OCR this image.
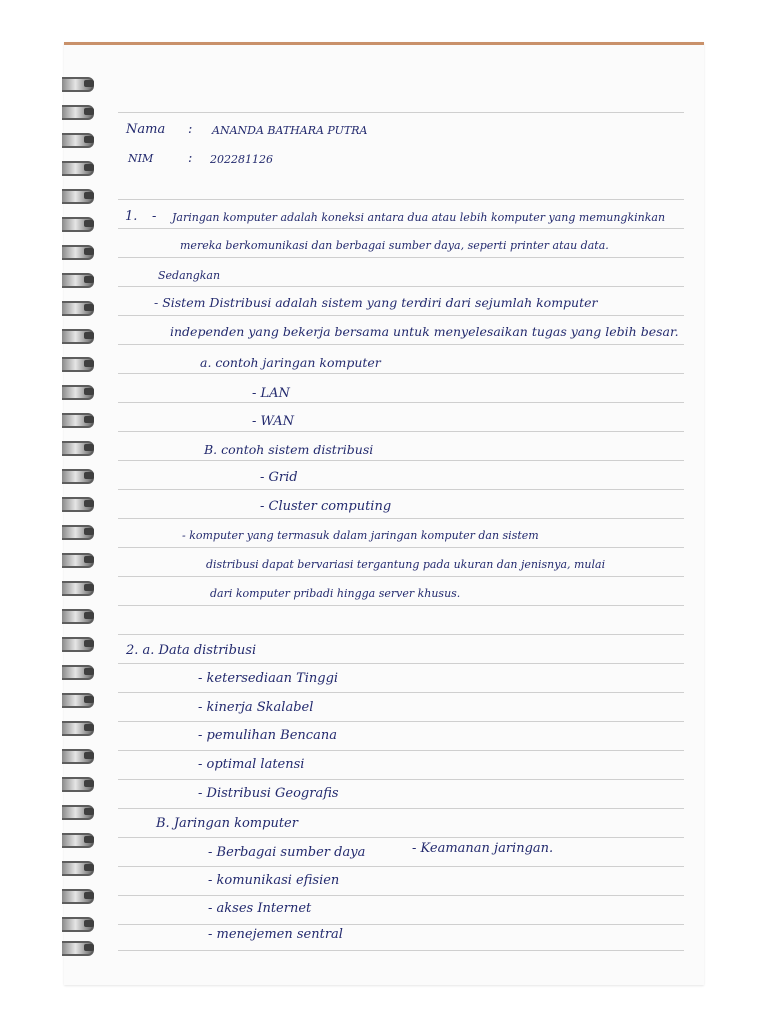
Nama : ANANDA BATHARA PUTRA
NIM	: 202281126
1. - Jaringan komputer adalah koneksi antara dua atau lebih komputer yang memungkinkan
mereka berkomunikasi dan berbagai sumber daya, seperti printer atau data.
Sedangkan
- Sistem Distribusi adalah sistem yang terdiri dari sejumlah komputer
independen yang bekerja bersama untuk menyelesaikan tugas yang lebih besar.
a. contoh jaringan komputer
- LAN
- WAN
B. contoh sistem distribusi
- Grid
- Cluster computing
- komputer yang termasuk dalam jaringan komputer dan sistem
distribusi dapat bervariasi tergantung pada ukuran dan jenisnya, mulai
dari komputer pribadi hingga server khusus.
2. a. Data distribusi
- ketersediaan Tinggi
- kinerja Skalabel
- pemulihan Bencana
- optimal latensi
- Distribusi Geografis
B. Jaringan komputer
- Berbagai sumber daya
- komunikasi efisien
- akses Internet
- menejemen sentral
- Keamanan jaringan.
